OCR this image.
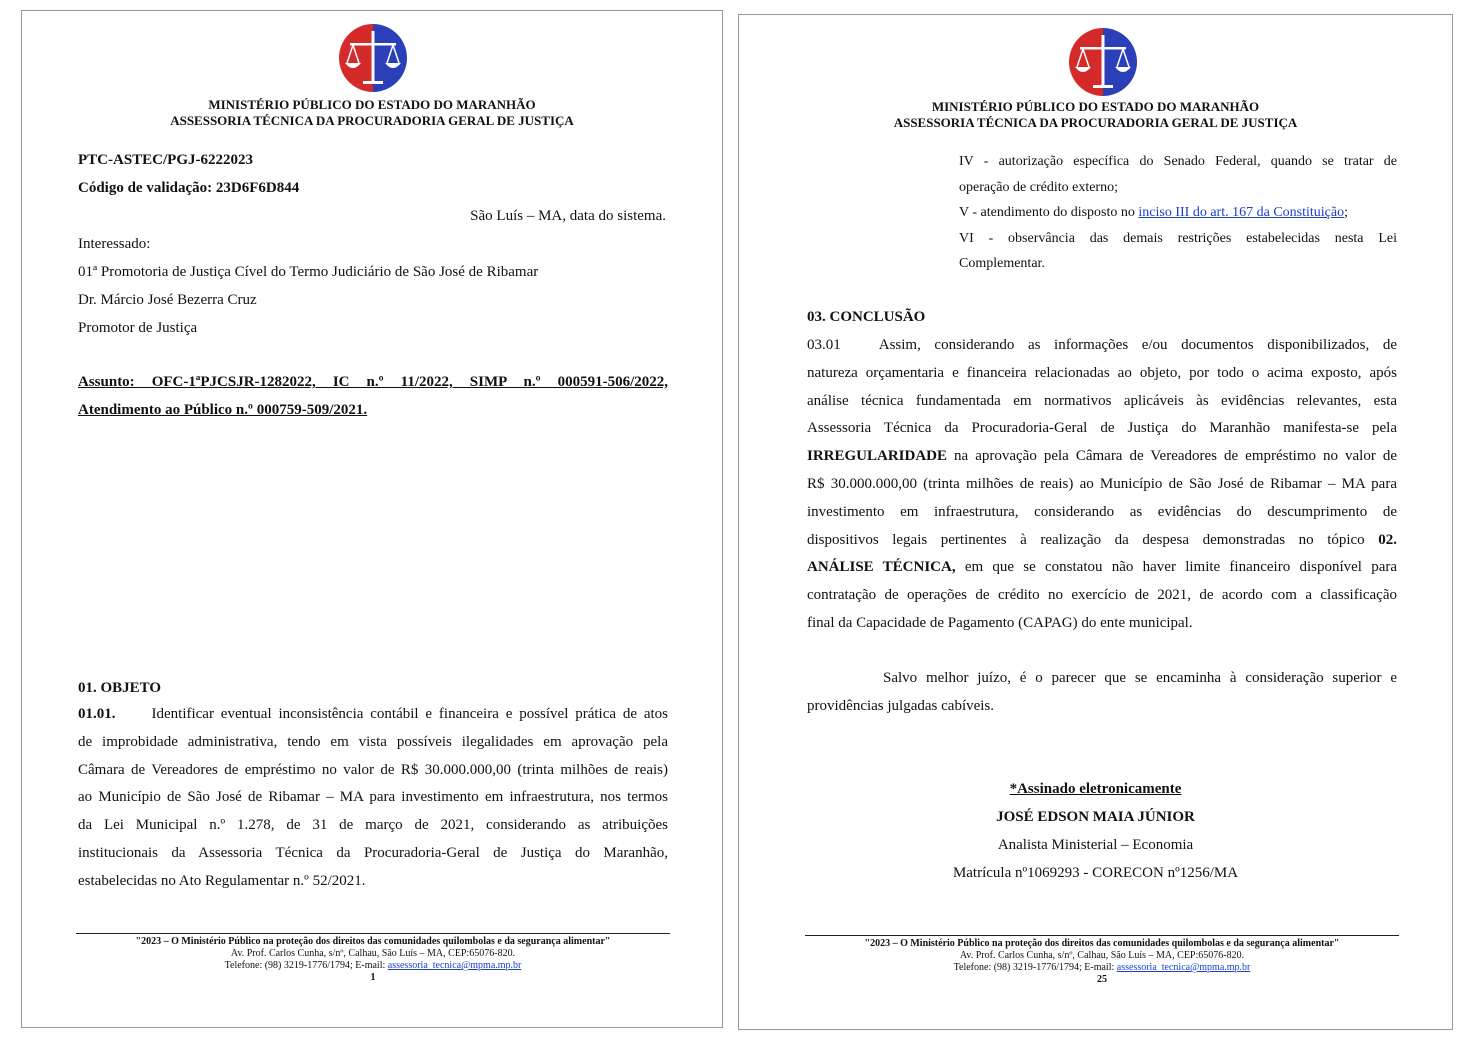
MINISTÉRIO PÚBLICO DO ESTADO DO MARANHÃO
ASSESSORIA TÉCNICA DA PROCURADORIA GERAL DE JUSTIÇA
PTC-ASTEC/PGJ-6222023
Código de validação: 23D6F6D844
São Luís – MA, data do sistema.
Interessado:
01ª Promotoria de Justiça Cível do Termo Judiciário de São José de Ribamar
Dr. Márcio José Bezerra Cruz
Promotor de Justiça
Assunto:  OFC-1ªPJCSJR-1282022,  IC  n.º  11/2022,  SIMP  n.º  000591-506/2022,
Atendimento ao Público n.º 000759-509/2021.
01. OBJETO
01.01. Identificar eventual inconsistência contábil e financeira e possível prática de atos
de improbidade administrativa, tendo em vista possíveis ilegalidades em aprovação pela
Câmara de Vereadores de empréstimo no valor de R$ 30.000.000,00 (trinta milhões de reais)
ao Município de São José de Ribamar – MA para investimento em infraestrutura, nos termos
da Lei Municipal n.º 1.278, de 31 de março de 2021, considerando as atribuições
institucionais da Assessoria Técnica da Procuradoria-Geral de Justiça do Maranhão,
estabelecidas no Ato Regulamentar n.º 52/2021.
"2023 – O Ministério Público na proteção dos direitos das comunidades quilombolas e da segurança alimentar"
Av. Prof. Carlos Cunha, s/nº, Calhau, São Luís – MA, CEP:65076-820.
Telefone: (98) 3219-1776/1794; E-mail: assessoria_tecnica@mpma.mp.br
1
MINISTÉRIO PÚBLICO DO ESTADO DO MARANHÃO
ASSESSORIA TÉCNICA DA PROCURADORIA GERAL DE JUSTIÇA
IV - autorização específica do Senado Federal, quando se tratar de
operação de crédito externo;
V - atendimento do disposto no inciso III do art. 167 da Constituição;
VI - observância das demais restrições estabelecidas nesta Lei
Complementar.
03. CONCLUSÃO
03.01	Assim, considerando as informações e/ou documentos disponibilizados, de
natureza orçamentaria e financeira relacionadas ao objeto, por todo o acima exposto, após
análise técnica fundamentada em normativos aplicáveis às evidências relevantes, esta
Assessoria Técnica da Procuradoria-Geral de Justiça do Maranhão manifesta-se pela
IRREGULARIDADE na aprovação pela Câmara de Vereadores de empréstimo no valor de
R$ 30.000.000,00 (trinta milhões de reais) ao Município de São José de Ribamar – MA para
investimento em infraestrutura, considerando as evidências do descumprimento de
dispositivos legais pertinentes à realização da despesa demonstradas no tópico 02.
ANÁLISE TÉCNICA, em que se constatou não haver limite financeiro disponível para
contratação de operações de crédito no exercício de 2021, de acordo com a classificação
final da Capacidade de Pagamento (CAPAG) do ente municipal.
Salvo melhor juízo, é o parecer que se encaminha à consideração superior e
providências julgadas cabíveis.
*Assinado eletronicamente
JOSÉ EDSON MAIA JÚNIOR
Analista Ministerial – Economia
Matrícula nº1069293 - CORECON nº1256/MA
"2023 – O Ministério Público na proteção dos direitos das comunidades quilombolas e da segurança alimentar"
Av. Prof. Carlos Cunha, s/nº, Calhau, São Luís – MA, CEP:65076-820.
Telefone: (98) 3219-1776/1794; E-mail: assessoria_tecnica@mpma.mp.br
25
